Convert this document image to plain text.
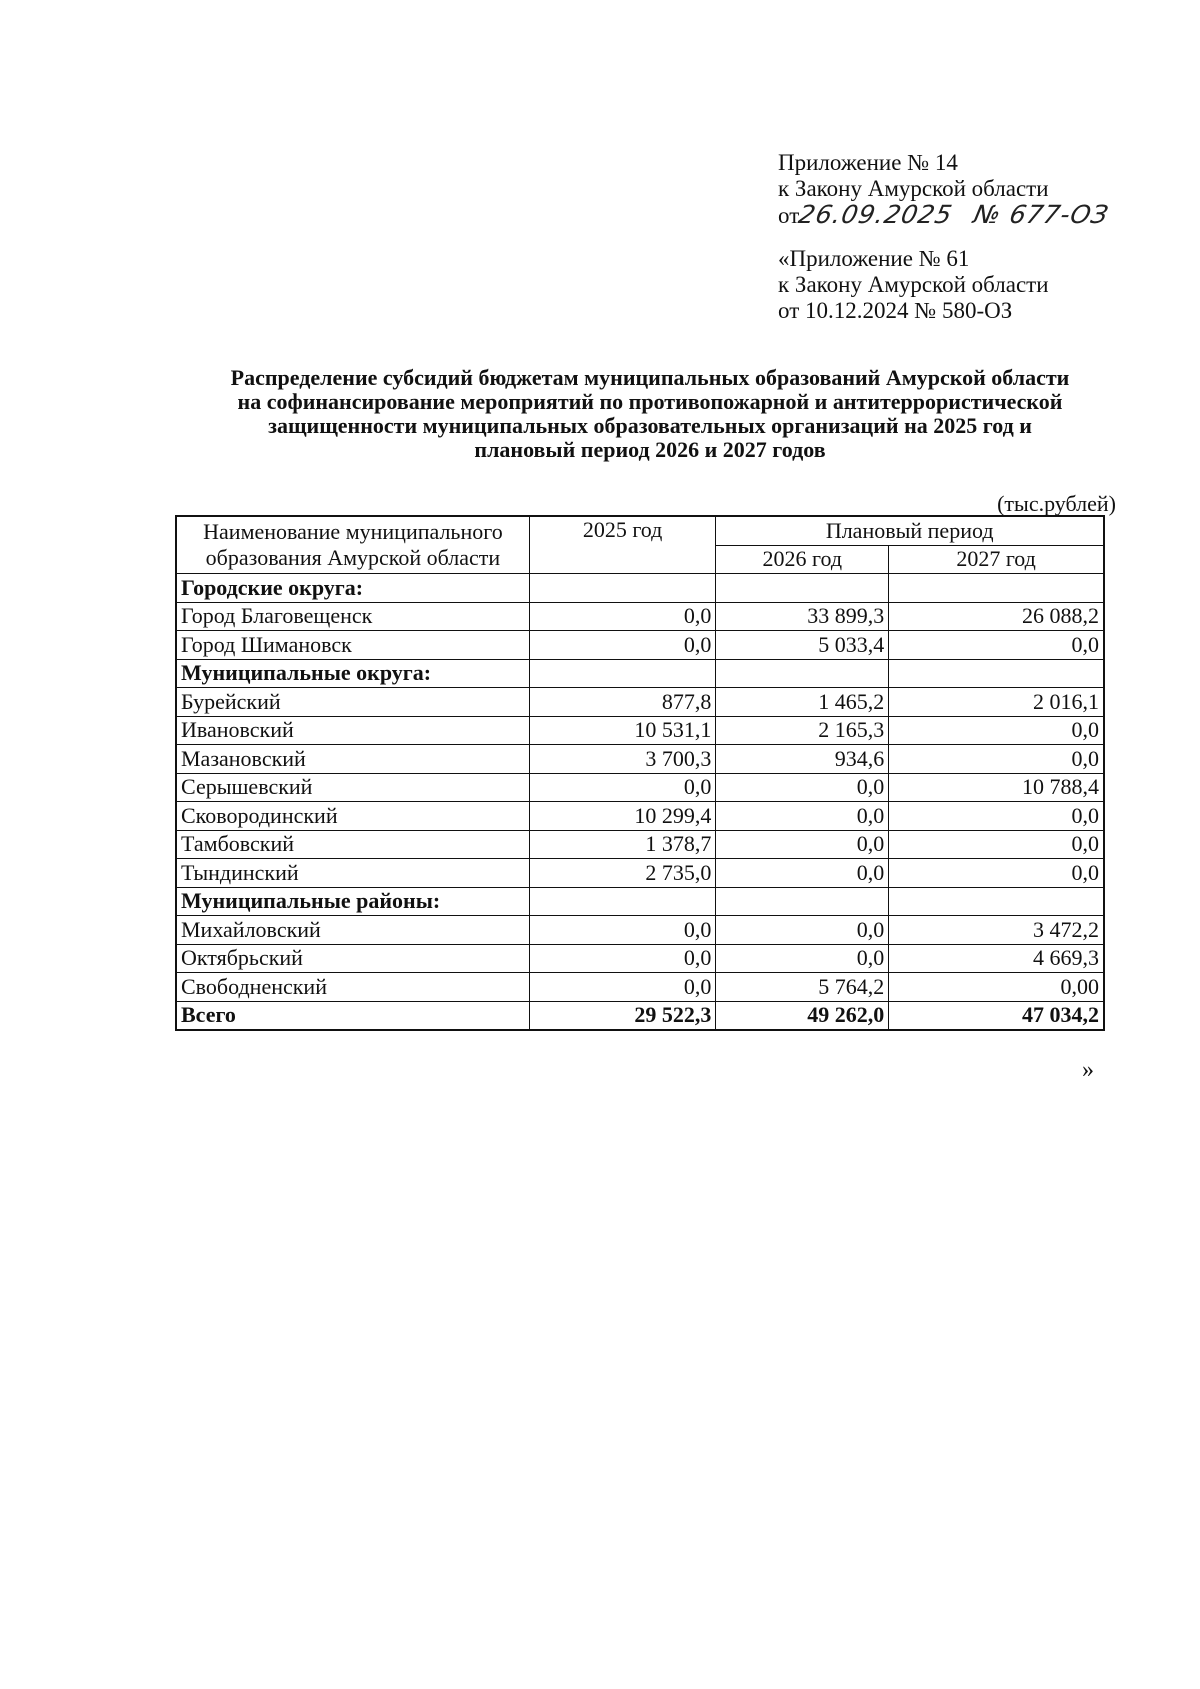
Приложение № 14
к Закону Амурской области
от26.09.2025 № 677-ОЗ
«Приложение № 61
к Закону Амурской области
от 10.12.2024 № 580-ОЗ
Распределение субсидий бюджетам муниципальных образований Амурской области
на софинансирование мероприятий по противопожарной и антитеррористической
защищенности муниципальных образовательных организаций на 2025 год и
плановый период 2026 и 2027 годов
(тыс.рублей)
Наименование муниципального
образования Амурской области	2025 год	Плановый период	
		2026 год	2027 год
Городские округа:			
Город Благовещенск	0,0	33 899,3	26 088,2
Город Шимановск	0,0	5 033,4	0,0
Муниципальные округа:			
Бурейский	877,8	1 465,2	2 016,1
Ивановский	10 531,1	2 165,3	0,0
Мазановский	3 700,3	934,6	0,0
Серышевский	0,0	0,0	10 788,4
Сковородинский	10 299,4	0,0	0,0
Тамбовский	1 378,7	0,0	0,0
Тындинский	2 735,0	0,0	0,0
Муниципальные районы:			
Михайловский	0,0	0,0	3 472,2
Октябрьский	0,0	0,0	4 669,3
Свободненский	0,0	5 764,2	0,00
Всего	29 522,3	49 262,0	47 034,2
»
